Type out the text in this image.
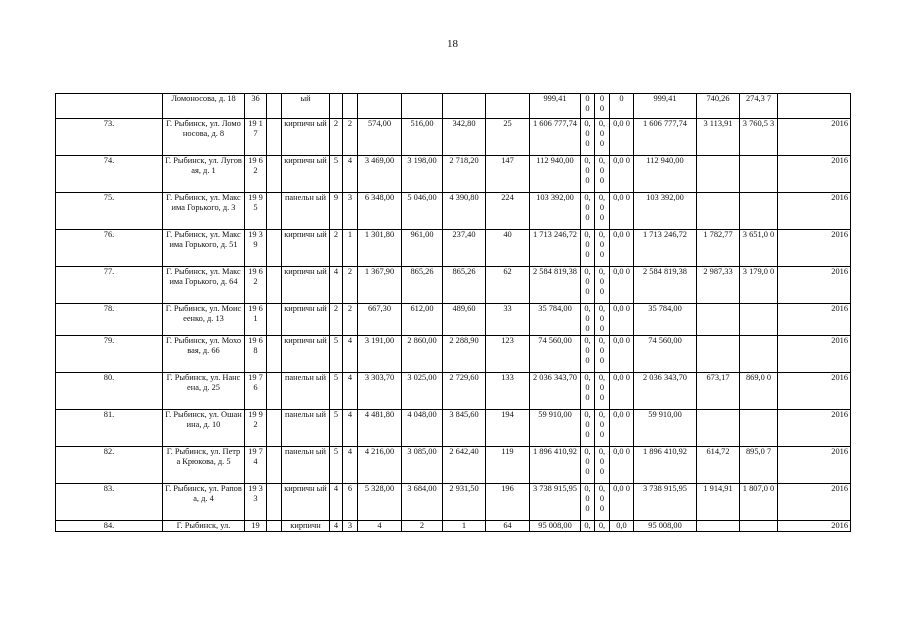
18
	Ломоносова, д. 18	36		ый							999,41	0 0	0 0	0	999,41	740,26	274,3 7	
73.	Г. Рыбинск, ул. Ломоносова, д. 8	19 17		кирпичн ый	2	2	574,00	516,00	342,80	25	1 606 777,74	0, 0 0	0, 0 0	0,0 0	1 606 777,74	3 113,91	3 760,5 3	2016
74.	Г. Рыбинск, ул. Луговая, д. 1	19 62		кирпичн ый	5	4	3 469,00	3 198,00	2 718,20	147	112 940,00	0, 0 0	0, 0 0	0,0 0	112 940,00			2016
75.	Г. Рыбинск, ул. Максима Горького, д. 3	19 95		панельн ый	9	3	6 348,00	5 046,00	4 390,80	224	103 392,00	0, 0 0	0, 0 0	0,0 0	103 392,00			2016
76.	Г. Рыбинск, ул. Максима Горького, д. 51	19 39		кирпичн ый	2	1	1 301,80	961,00	237,40	40	1 713 246,72	0, 0 0	0, 0 0	0,0 0	1 713 246,72	1 782,77	3 651,0 0	2016
77.	Г. Рыбинск, ул. Максима Горького, д. 64	19 62		кирпичн ый	4	2	1 367,90	865,26	865,26	62	2 584 819,38	0, 0 0	0, 0 0	0,0 0	2 584 819,38	2 987,33	3 179,0 0	2016
78.	Г. Рыбинск, ул. Моисеенко, д. 13	19 61		кирпичн ый	2	2	667,30	612,00	489,60	33	35 784,00	0, 0 0	0, 0 0	0,0 0	35 784,00			2016
79.	Г. Рыбинск, ул. Моховая, д. 66	19 68		кирпичн ый	5	4	3 191,00	2 860,00	2 288,90	123	74 560,00	0, 0 0	0, 0 0	0,0 0	74 560,00			2016
80.	Г. Рыбинск, ул. Нансена, д. 25	19 76		панельн ый	5	4	3 303,70	3 025,00	2 729,60	133	2 036 343,70	0, 0 0	0, 0 0	0,0 0	2 036 343,70	673,17	869,0 0	2016
81.	Г. Рыбинск, ул. Ошанина, д. 10	19 92		панельн ый	5	4	4 481,80	4 048,00	3 845,60	194	59 910,00	0, 0 0	0, 0 0	0,0 0	59 910,00			2016
82.	Г. Рыбинск, ул. Петра Крюкова, д. 5	19 74		панельн ый	5	4	4 216,00	3 085,00	2 642,40	119	1 896 410,92	0, 0 0	0, 0 0	0,0 0	1 896 410,92	614,72	895,0 7	2016
83.	Г. Рыбинск, ул. Рапова, д. 4	19 33		кирпичн ый	4	6	5 328,00	3 684,00	2 931,50	196	3 738 915,95	0, 0 0	0, 0 0	0,0 0	3 738 915,95	1 914,91	1 807,0 0	2016
84.	Г. Рыбинск, ул.	19		кирпичн	4	3	4	2	1	64	95 008,00	0,	0,	0,0	95 008,00			2016
